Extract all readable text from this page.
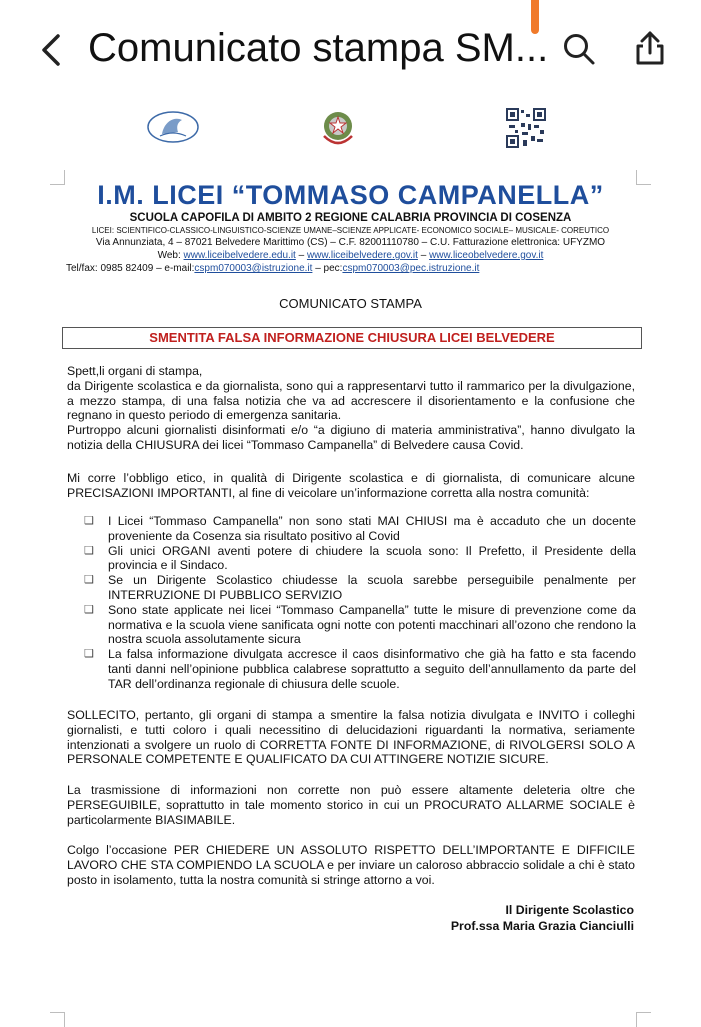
Comunicato stampa SM...
I.M. LICEI “TOMMASO CAMPANELLA”
SCUOLA CAPOFILA DI AMBITO 2 REGIONE CALABRIA PROVINCIA DI COSENZA
LICEI: SCIENTIFICO-CLASSICO-LINGUISTICO-SCIENZE UMANE–SCIENZE APPLICATE- ECONOMICO SOCIALE– MUSICALE- COREUTICO
Via Annunziata, 4 – 87021 Belvedere Marittimo (CS) – C.F. 82001110780 – C.U. Fatturazione elettronica: UFYZMO
Web: www.liceibelvedere.edu.it – www.liceibelvedere.gov.it – www.liceobelvedere.gov.it
Tel/fax: 0985 82409 – e-mail:cspm070003@istruzione.it – pec:cspm070003@pec.istruzione.it
COMUNICATO STAMPA
SMENTITA FALSA INFORMAZIONE CHIUSURA LICEI BELVEDERE

Spett,li organi di stampa,

da Dirigente scolastica e da giornalista, sono qui a rappresentarvi tutto il rammarico per la divulgazione, a mezzo stampa, di una falsa notizia che va ad accrescere il disorientamento e la confusione che regnano in questo periodo di emergenza sanitaria.

Purtroppo alcuni giornalisti disinformati e/o “a digiuno di materia amministrativa”, hanno divulgato la notizia della CHIUSURA dei licei “Tommaso Campanella” di Belvedere causa Covid.

Mi corre l’obbligo etico, in qualità di Dirigente scolastica e di giornalista, di comunicare alcune PRECISAZIONI IMPORTANTI, al fine di veicolare un’informazione corretta alla nostra comunità:
❑ I Licei “Tommaso Campanella” non sono stati MAI CHIUSI ma è accaduto che un docente proveniente da Cosenza sia risultato positivo al Covid
❑ Gli unici ORGANI aventi potere di chiudere la scuola sono: Il Prefetto, il Presidente della provincia e il Sindaco.
❑ Se un Dirigente Scolastico chiudesse la scuola sarebbe perseguibile penalmente per INTERRUZIONE DI PUBBLICO SERVIZIO
❑ Sono state applicate nei licei “Tommaso Campanella” tutte le misure di prevenzione come da normativa e la scuola viene sanificata ogni notte con potenti macchinari all’ozono che rendono la nostra scuola assolutamente sicura
❑ La falsa informazione divulgata accresce il caos disinformativo che già ha fatto e sta facendo tanti danni nell’opinione pubblica calabrese soprattutto a seguito dell’annullamento da parte del TAR dell’ordinanza regionale di chiusura delle scuole.
SOLLECITO, pertanto, gli organi di stampa a smentire la falsa notizia divulgata e INVITO i colleghi giornalisti, e tutti coloro i quali necessitino di delucidazioni riguardanti la normativa, seriamente intenzionati a svolgere un ruolo di CORRETTA FONTE DI INFORMAZIONE, di RIVOLGERSI SOLO A PERSONALE COMPETENTE E QUALIFICATO DA CUI ATTINGERE NOTIZIE SICURE.
La trasmissione di informazioni non corrette non può essere altamente deleteria oltre che PERSEGUIBILE, soprattutto in tale momento storico in cui un PROCURATO ALLARME SOCIALE è particolarmente BIASIMABILE.
Colgo l’occasione PER CHIEDERE UN ASSOLUTO RISPETTO DELL’IMPORTANTE E DIFFICILE LAVORO CHE STA COMPIENDO LA SCUOLA e per inviare un caloroso abbraccio solidale a chi è stato posto in isolamento, tutta la nostra comunità si stringe attorno a voi.
Il Dirigente Scolastico
Prof.ssa Maria Grazia Cianciulli
